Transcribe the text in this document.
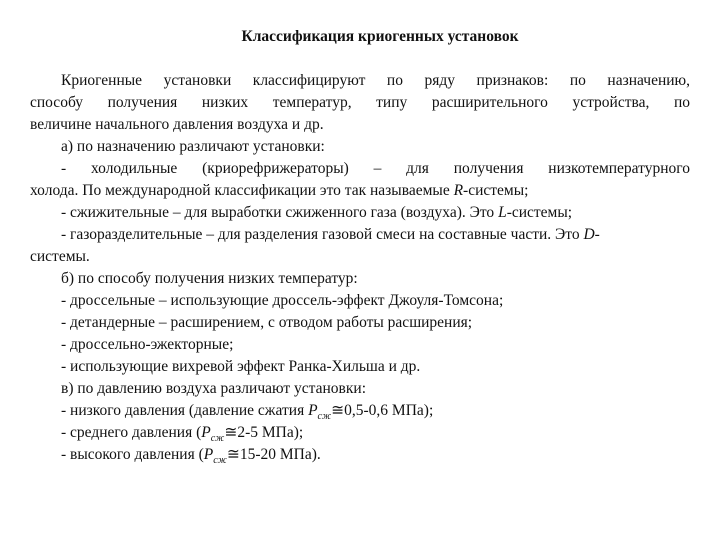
Классификация криогенных установок
Криогенные установки классифицируют по ряду признаков: по назначению,
способу получения низких температур, типу расширительного устройства, по
величине начального давления воздуха и др.
а) по назначению различают установки:
- холодильные (криорефрижераторы) – для получения низкотемпературного
холода. По международной классификации это так называемые R-системы;
- сжижительные – для выработки сжиженного газа (воздуха). Это L-системы;
- газоразделительные – для разделения газовой смеси на составные части. Это D-
системы.
б) по способу получения низких температур:
- дроссельные – использующие дроссель-эффект Джоуля-Томсона;
- детандерные – расширением, с отводом работы расширения;
- дроссельно-эжекторные;
- использующие вихревой эффект Ранка-Хильша и др.
в) по давлению воздуха различают установки:
- низкого давления (давление сжатия $P_{сж}≅0,5-0,6$ МПа);
- среднего давления ($P_{сж}≅2-5$ МПа);
- высокого давления ($P_{сж}≅15-20$ МПа).
